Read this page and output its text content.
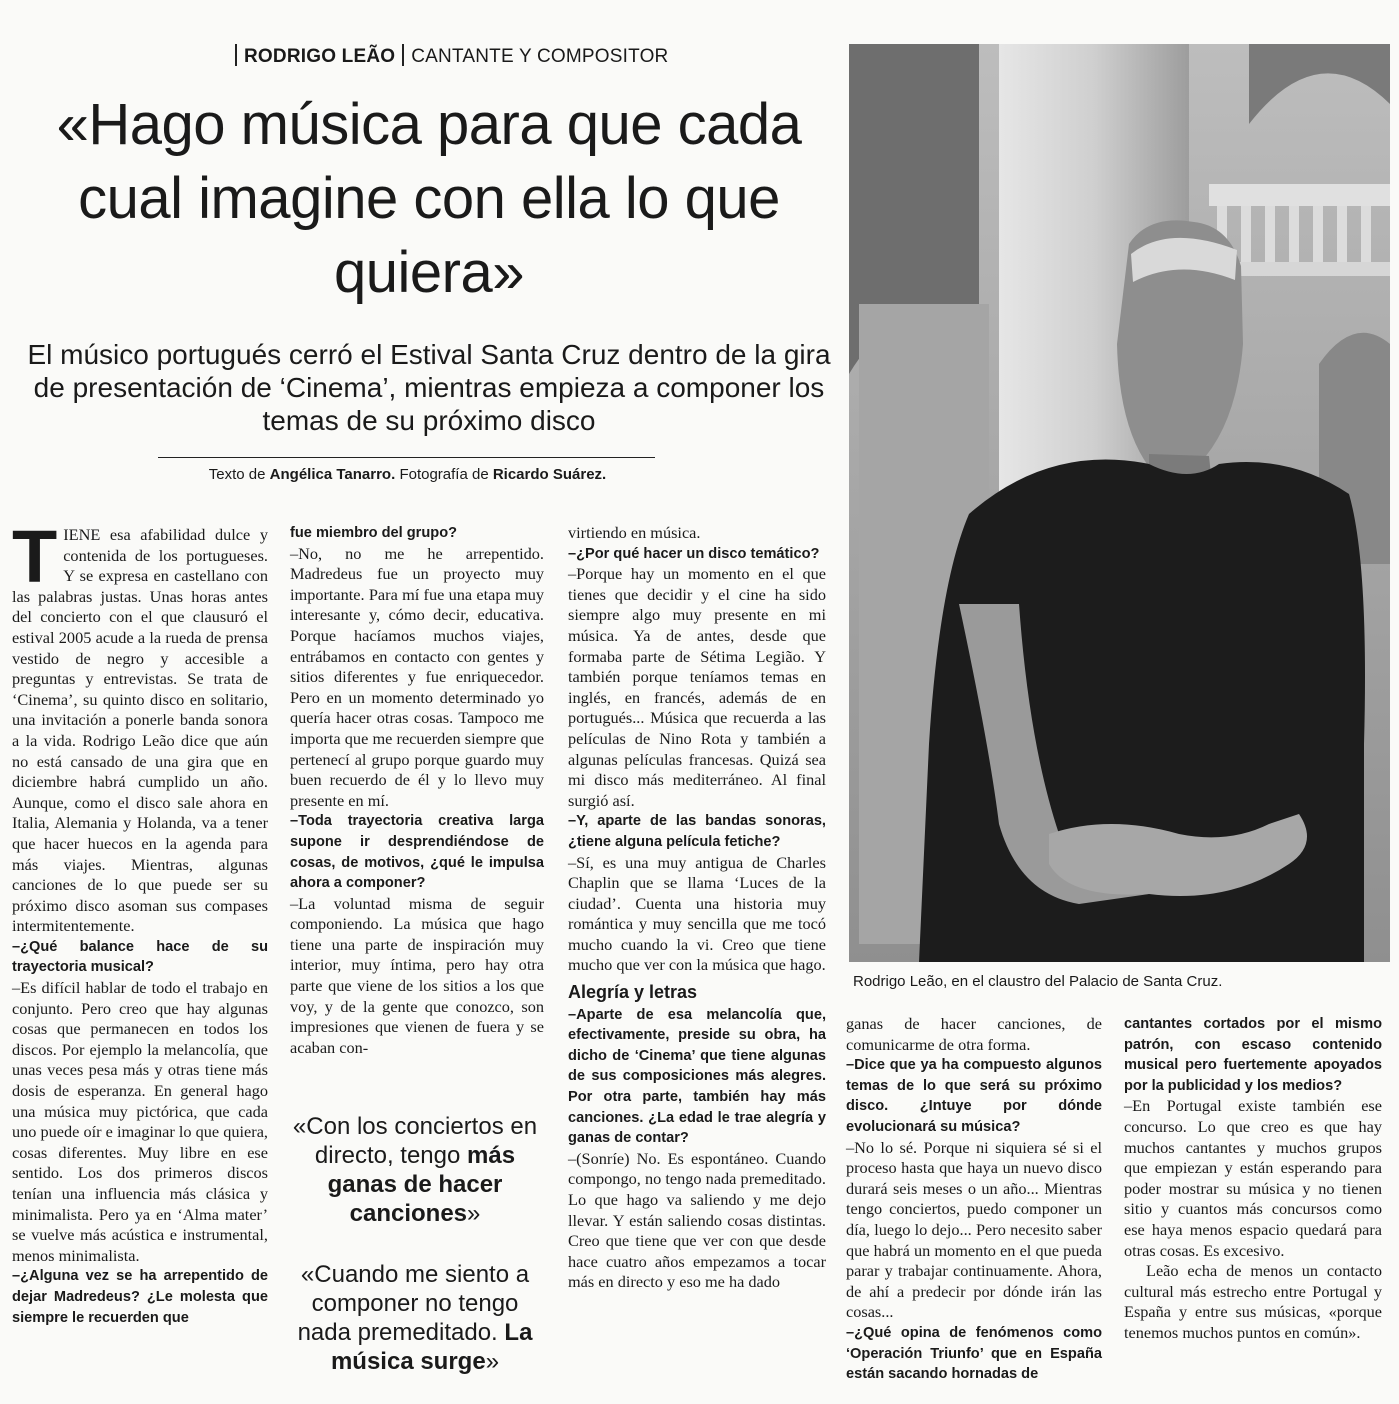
RODRIGO LEÃO CANTANTE Y COMPOSITOR
«Hago música para que cada cual imagine con ella lo que quiera»
El músico portugués cerró el Estival Santa Cruz dentro de la gira de presentación de ‘Cinema’, mientras empieza a componer los temas de su próximo disco
Texto de Angélica Tanarro. Fotografía de Ricardo Suárez.
Rodrigo Leão, en el claustro del Palacio de Santa Cruz.

TIENE esa afabilidad dulce y contenida de los portugueses. Y se expresa en castellano con las palabras justas. Unas horas antes del concierto con el que clausuró el estival 2005 acude a la rueda de prensa vestido de negro y accesible a preguntas y entrevistas. Se trata de ‘Cinema’, su quinto disco en solitario, una invitación a ponerle banda sonora a la vida. Rodrigo Leão dice que aún no está cansado de una gira que en diciembre habrá cumplido un año. Aunque, como el disco sale ahora en Italia, Alemania y Holanda, va a tener que hacer huecos en la agenda para más viajes. Mientras, algunas canciones de lo que puede ser su próximo disco asoman sus compases intermitentemente.

–¿Qué balance hace de su trayectoria musical?

–Es difícil hablar de todo el trabajo en conjunto. Pero creo que hay algunas cosas que permanecen en todos los discos. Por ejemplo la melancolía, que unas veces pesa más y otras tiene más dosis de esperanza. En general hago una música muy pictórica, que cada uno puede oír e imaginar lo que quiera, cosas diferentes. Muy libre en ese sentido. Los dos primeros discos tenían una influencia más clásica y minimalista. Pero ya en ‘Alma mater’ se vuelve más acústica e instrumental, menos minimalista.

–¿Alguna vez se ha arrepentido de dejar Madredeus? ¿Le molesta que siempre le recuerden que

fue miembro del grupo?

–No, no me he arrepentido. Madredeus fue un proyecto muy importante. Para mí fue una etapa muy interesante y, cómo decir, educativa. Porque hacíamos muchos viajes, entrábamos en contacto con gentes y sitios diferentes y fue enriquecedor. Pero en un momento determinado yo quería hacer otras cosas. Tampoco me importa que me recuerden siempre que pertenecí al grupo porque guardo muy buen recuerdo de él y lo llevo muy presente en mí.

–Toda trayectoria creativa larga supone ir desprendiéndose de cosas, de motivos, ¿qué le impulsa ahora a componer?

–La voluntad misma de seguir componiendo. La música que hago tiene una parte de inspiración muy interior, muy íntima, pero hay otra parte que viene de los sitios a los que voy, y de la gente que conozco, son impresiones que vienen de fuera y se acaban con-

«Con los conciertos en directo, tengo más ganas de hacer canciones»
«Cuando me siento a componer no tengo nada premeditado. La música surge»

virtiendo en música.

–¿Por qué hacer un disco temático?

–Porque hay un momento en el que tienes que decidir y el cine ha sido siempre algo muy presente en mi música. Ya de antes, desde que formaba parte de Sétima Legião. Y también porque teníamos temas en inglés, en francés, además de en portugués... Música que recuerda a las películas de Nino Rota y también a algunas películas francesas. Quizá sea mi disco más mediterráneo. Al final surgió así.

–Y, aparte de las bandas sonoras, ¿tiene alguna película fetiche?

–Sí, es una muy antigua de Charles Chaplin que se llama ‘Luces de la ciudad’. Cuenta una historia muy romántica y muy sencilla que me tocó mucho cuando la vi. Creo que tiene mucho que ver con la música que hago.

Alegría y letras

–Aparte de esa melancolía que, efectivamente, preside su obra, ha dicho de ‘Cinema’ que tiene algunas de sus composiciones más alegres. Por otra parte, también hay más canciones. ¿La edad le trae alegría y ganas de contar?

–(Sonríe) No. Es espontáneo. Cuando compongo, no tengo nada premeditado. Lo que hago va saliendo y me dejo llevar. Y están saliendo cosas distintas. Creo que tiene que ver con que desde hace cuatro años empezamos a tocar más en directo y eso me ha dado

ganas de hacer canciones, de comunicarme de otra forma.

–Dice que ya ha compuesto algunos temas de lo que será su próximo disco. ¿Intuye por dónde evolucionará su música?

–No lo sé. Porque ni siquiera sé si el proceso hasta que haya un nuevo disco durará seis meses o un año... Mientras tengo conciertos, puedo componer un día, luego lo dejo... Pero necesito saber que habrá un momento en el que pueda parar y trabajar continuamente. Ahora, de ahí a predecir por dónde irán las cosas...

–¿Qué opina de fenómenos como ‘Operación Triunfo’ que en España están sacando hornadas de

cantantes cortados por el mismo patrón, con escaso contenido musical pero fuertemente apoyados por la publicidad y los medios?

–En Portugal existe también ese concurso. Lo que creo es que hay muchos cantantes y muchos grupos que empiezan y están esperando para poder mostrar su música y no tienen sitio y cuantos más concursos como ese haya menos espacio quedará para otras cosas. Es excesivo.

Leão echa de menos un contacto cultural más estrecho entre Portugal y España y entre sus músicas, «porque tenemos muchos puntos en común».
